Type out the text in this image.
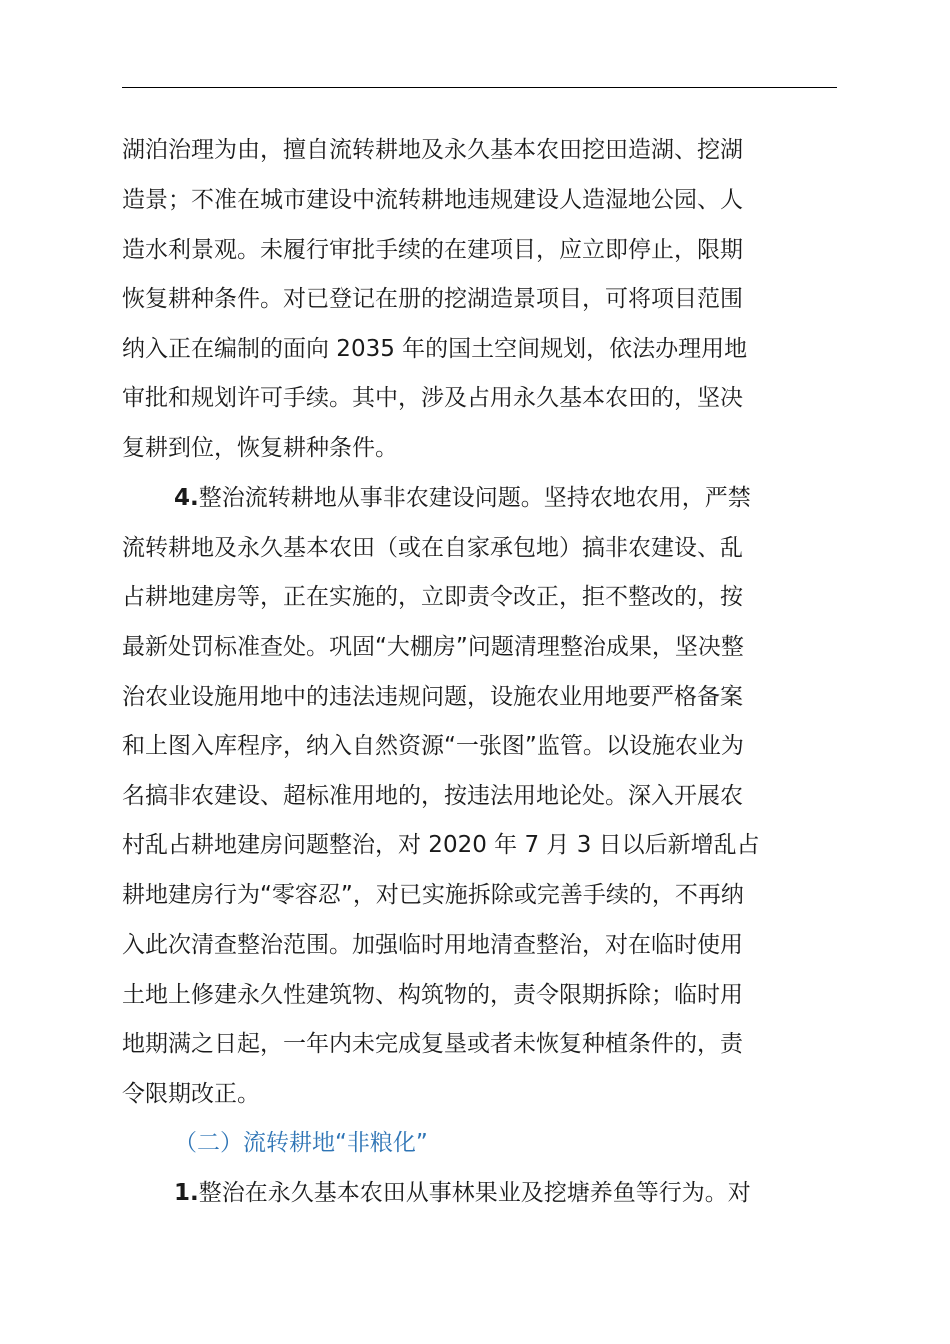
湖泊治理为由，擅自流转耕地及永久基本农田挖田造湖、挖湖
造景；不准在城市建设中流转耕地违规建设人造湿地公园、人
造水利景观。未履行审批手续的在建项目，应立即停止，限期
恢复耕种条件。对已登记在册的挖湖造景项目，可将项目范围
纳入正在编制的面向 2035 年的国土空间规划，依法办理用地
审批和规划许可手续。其中，涉及占用永久基本农田的，坚决
复耕到位，恢复耕种条件。
4.整治流转耕地从事非农建设问题。坚持农地农用，严禁
流转耕地及永久基本农田（或在自家承包地）搞非农建设、乱
占耕地建房等，正在实施的，立即责令改正，拒不整改的，按
最新处罚标准查处。巩固“大棚房”问题清理整治成果，坚决整
治农业设施用地中的违法违规问题，设施农业用地要严格备案
和上图入库程序，纳入自然资源“一张图”监管。以设施农业为
名搞非农建设、超标准用地的，按违法用地论处。深入开展农
村乱占耕地建房问题整治，对 2020 年 7 月 3 日以后新增乱占
耕地建房行为“零容忍”，对已实施拆除或完善手续的，不再纳
入此次清查整治范围。加强临时用地清查整治，对在临时使用
土地上修建永久性建筑物、构筑物的，责令限期拆除；临时用
地期满之日起，一年内未完成复垦或者未恢复种植条件的，责
令限期改正。
（二）流转耕地“非粮化”
1.整治在永久基本农田从事林果业及挖塘养鱼等行为。对
